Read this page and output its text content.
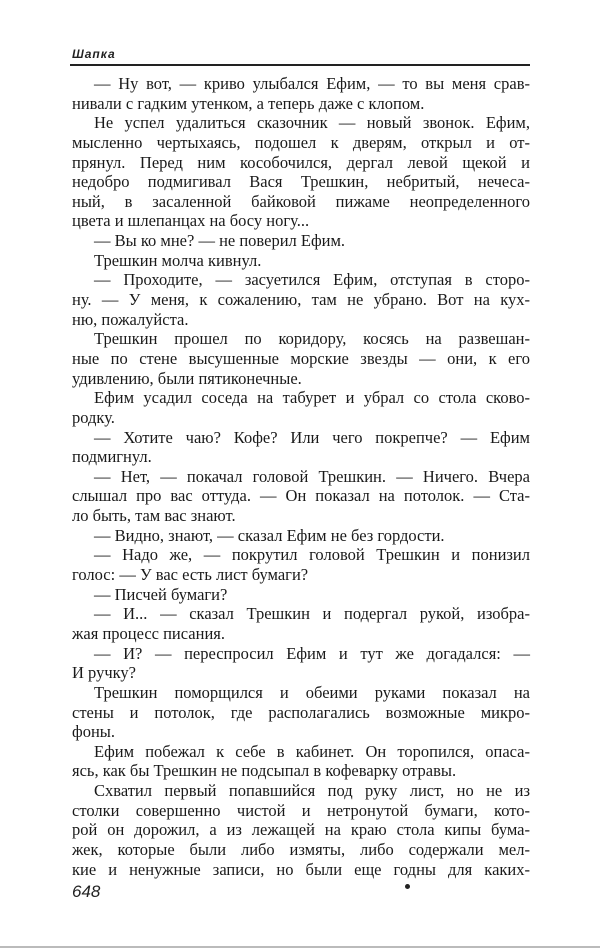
Шапка
— Ну вот, — криво улыбался Ефим, — то вы меня срав-
нивали с гадким утенком, а теперь даже с клопом.
Не успел удалиться сказочник — новый звонок. Ефим,
мысленно чертыхаясь, подошел к дверям, открыл и от-
прянул. Перед ним кособочился, дергал левой щекой и
недобро подмигивал Вася Трешкин, небритый, нечеса-
ный, в засаленной байковой пижаме неопределенного
цвета и шлепанцах на босу ногу...
— Вы ко мне? — не поверил Ефим.
Трешкин молча кивнул.
— Проходите, — засуетился Ефим, отступая в сторо-
ну. — У меня, к сожалению, там не убрано. Вот на кух-
ню, пожалуйста.
Трешкин прошел по коридору, косясь на развешан-
ные по стене высушенные морские звезды — они, к его
удивлению, были пятиконечные.
Ефим усадил соседа на табурет и убрал со стола сково-
родку.
— Хотите чаю? Кофе? Или чего покрепче? — Ефим
подмигнул.
— Нет, — покачал головой Трешкин. — Ничего. Вчера
слышал про вас оттуда. — Он показал на потолок. — Ста-
ло быть, там вас знают.
— Видно, знают, — сказал Ефим не без гордости.
— Надо же, — покрутил головой Трешкин и понизил
голос: — У вас есть лист бумаги?
— Писчей бумаги?
— И... — сказал Трешкин и подергал рукой, изобра-
жая процесс писания.
— И? — переспросил Ефим и тут же догадался: —
И ручку?
Трешкин поморщился и обеими руками показал на
стены и потолок, где располагались возможные микро-
фоны.
Ефим побежал к себе в кабинет. Он торопился, опаса-
ясь, как бы Трешкин не подсыпал в кофеварку отравы.
Схватил первый попавшийся под руку лист, но не из
столки совершенно чистой и нетронутой бумаги, кото-
рой он дорожил, а из лежащей на краю стола кипы бума-
жек, которые были либо измяты, либо содержали мел-
кие и ненужные записи, но были еще годны для каких-
648
